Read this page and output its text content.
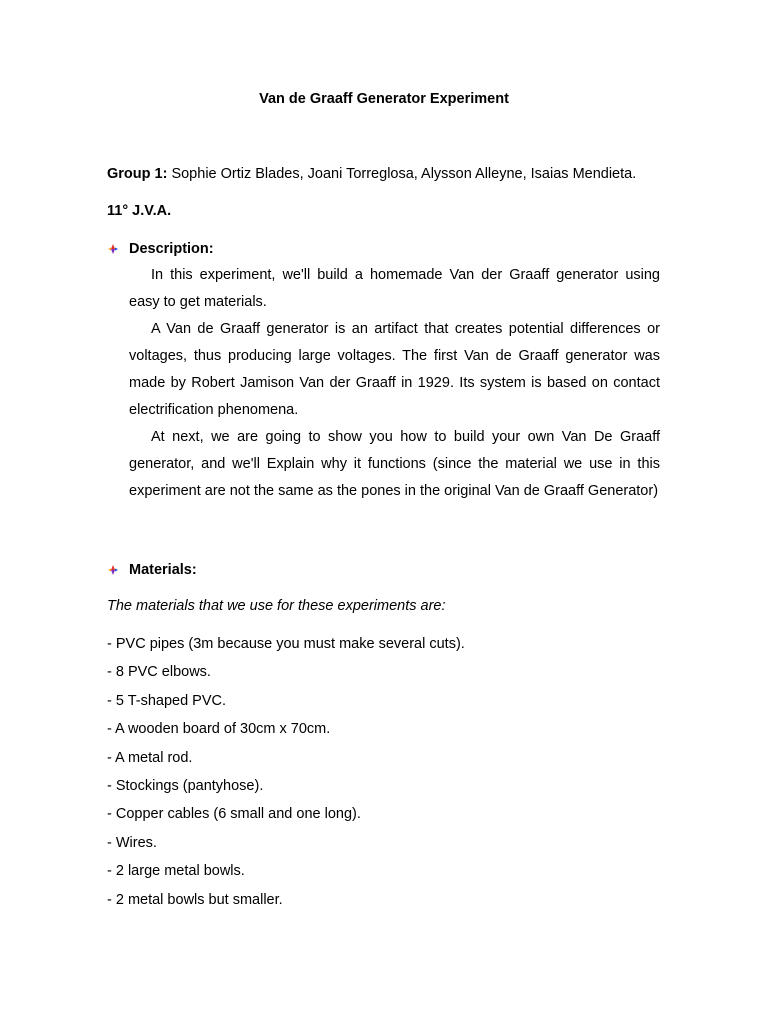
Van de Graaff Generator Experiment
Group 1: Sophie Ortiz Blades, Joani Torreglosa, Alysson Alleyne, Isaias Mendieta.
11° J.V.A.
Description:

In this experiment, we'll build a homemade Van der Graaff generator using easy to get materials.

A Van de Graaff generator is an artifact that creates potential differences or voltages, thus producing large voltages. The first Van de Graaff generator was made by Robert Jamison Van der Graaff in 1929. Its system is based on contact electrification phenomena.

At next, we are going to show you how to build your own Van De Graaff generator, and we'll Explain why it functions (since the material we use in this experiment are not the same as the pones in the original Van de Graaff Generator)

Materials:
The materials that we use for these experiments are:
- PVC pipes (3m because you must make several cuts).
- 8 PVC elbows.
- 5 T-shaped PVC.
- A wooden board of 30cm x 70cm.
- A metal rod.
- Stockings (pantyhose).
- Copper cables (6 small and one long).
- Wires.
- 2 large metal bowls.
- 2 metal bowls but smaller.
